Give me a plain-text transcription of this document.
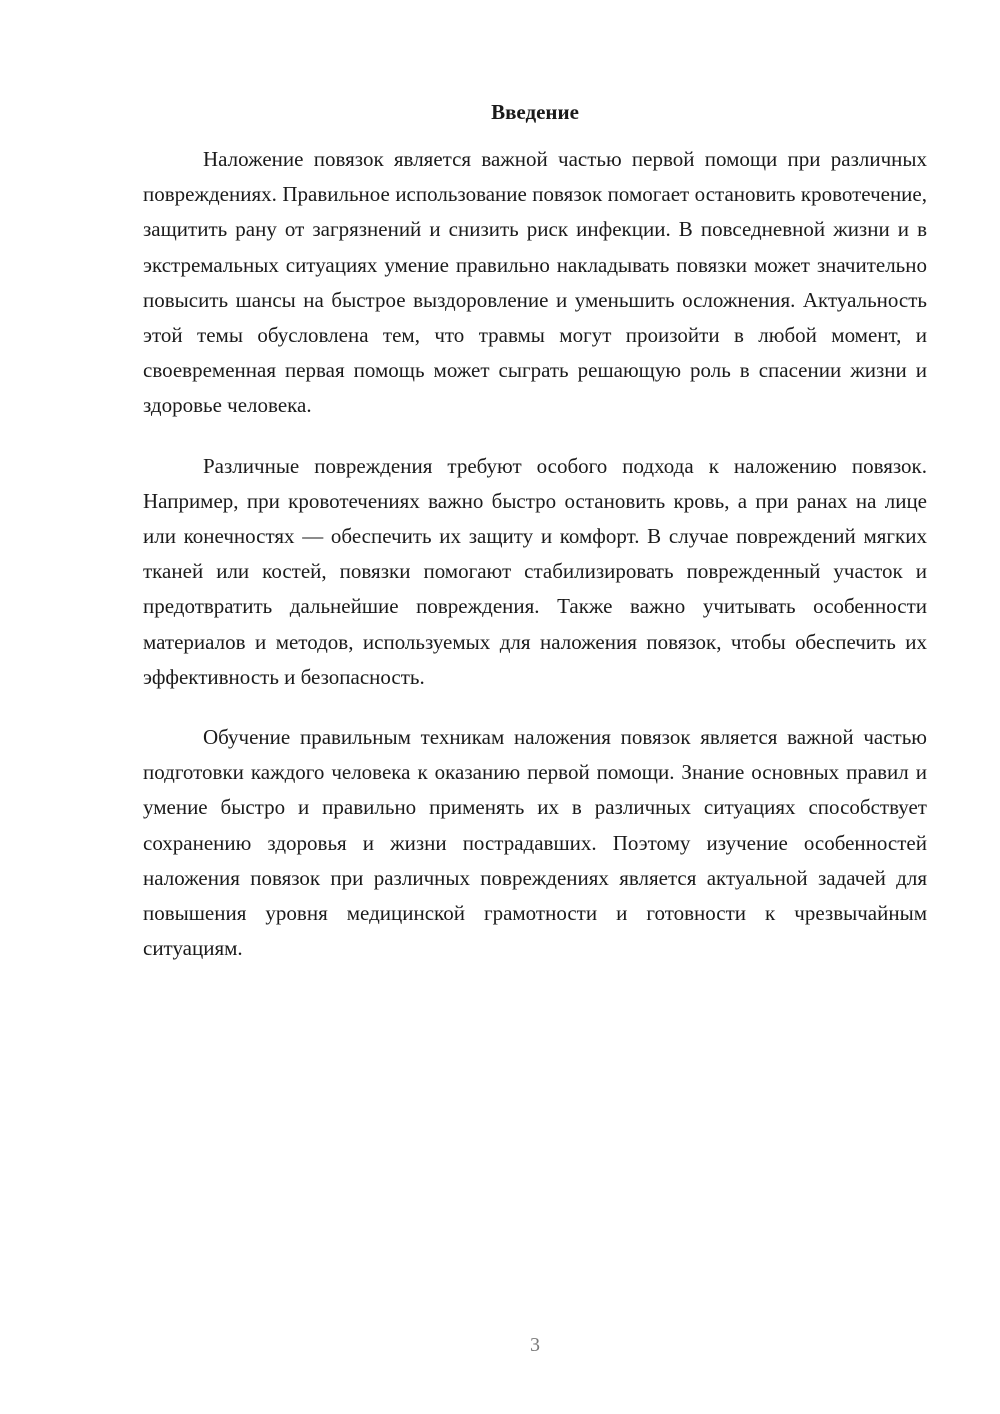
Введение

Наложение повязок является важной частью первой помощи при различных повреждениях. Правильное использование повязок помогает остановить кровотечение, защитить рану от загрязнений и снизить риск инфекции. В повседневной жизни и в экстремальных ситуациях умение правильно накладывать повязки может значительно повысить шансы на быстрое выздоровление и уменьшить осложнения. Актуальность этой темы обусловлена тем, что травмы могут произойти в любой момент, и своевременная первая помощь может сыграть решающую роль в спасении жизни и здоровье человека.

Различные повреждения требуют особого подхода к наложению повязок. Например, при кровотечениях важно быстро остановить кровь, а при ранах на лице или конечностях — обеспечить их защиту и комфорт. В случае повреждений мягких тканей или костей, повязки помогают стабилизировать поврежденный участок и предотвратить дальнейшие повреждения. Также важно учитывать особенности материалов и методов, используемых для наложения повязок, чтобы обеспечить их эффективность и безопасность.

Обучение правильным техникам наложения повязок является важной частью подготовки каждого человека к оказанию первой помощи. Знание основных правил и умение быстро и правильно применять их в различных ситуациях способствует сохранению здоровья и жизни пострадавших. Поэтому изучение особенностей наложения повязок при различных повреждениях является актуальной задачей для повышения уровня медицинской грамотности и готовности к чрезвычайным ситуациям.

3
